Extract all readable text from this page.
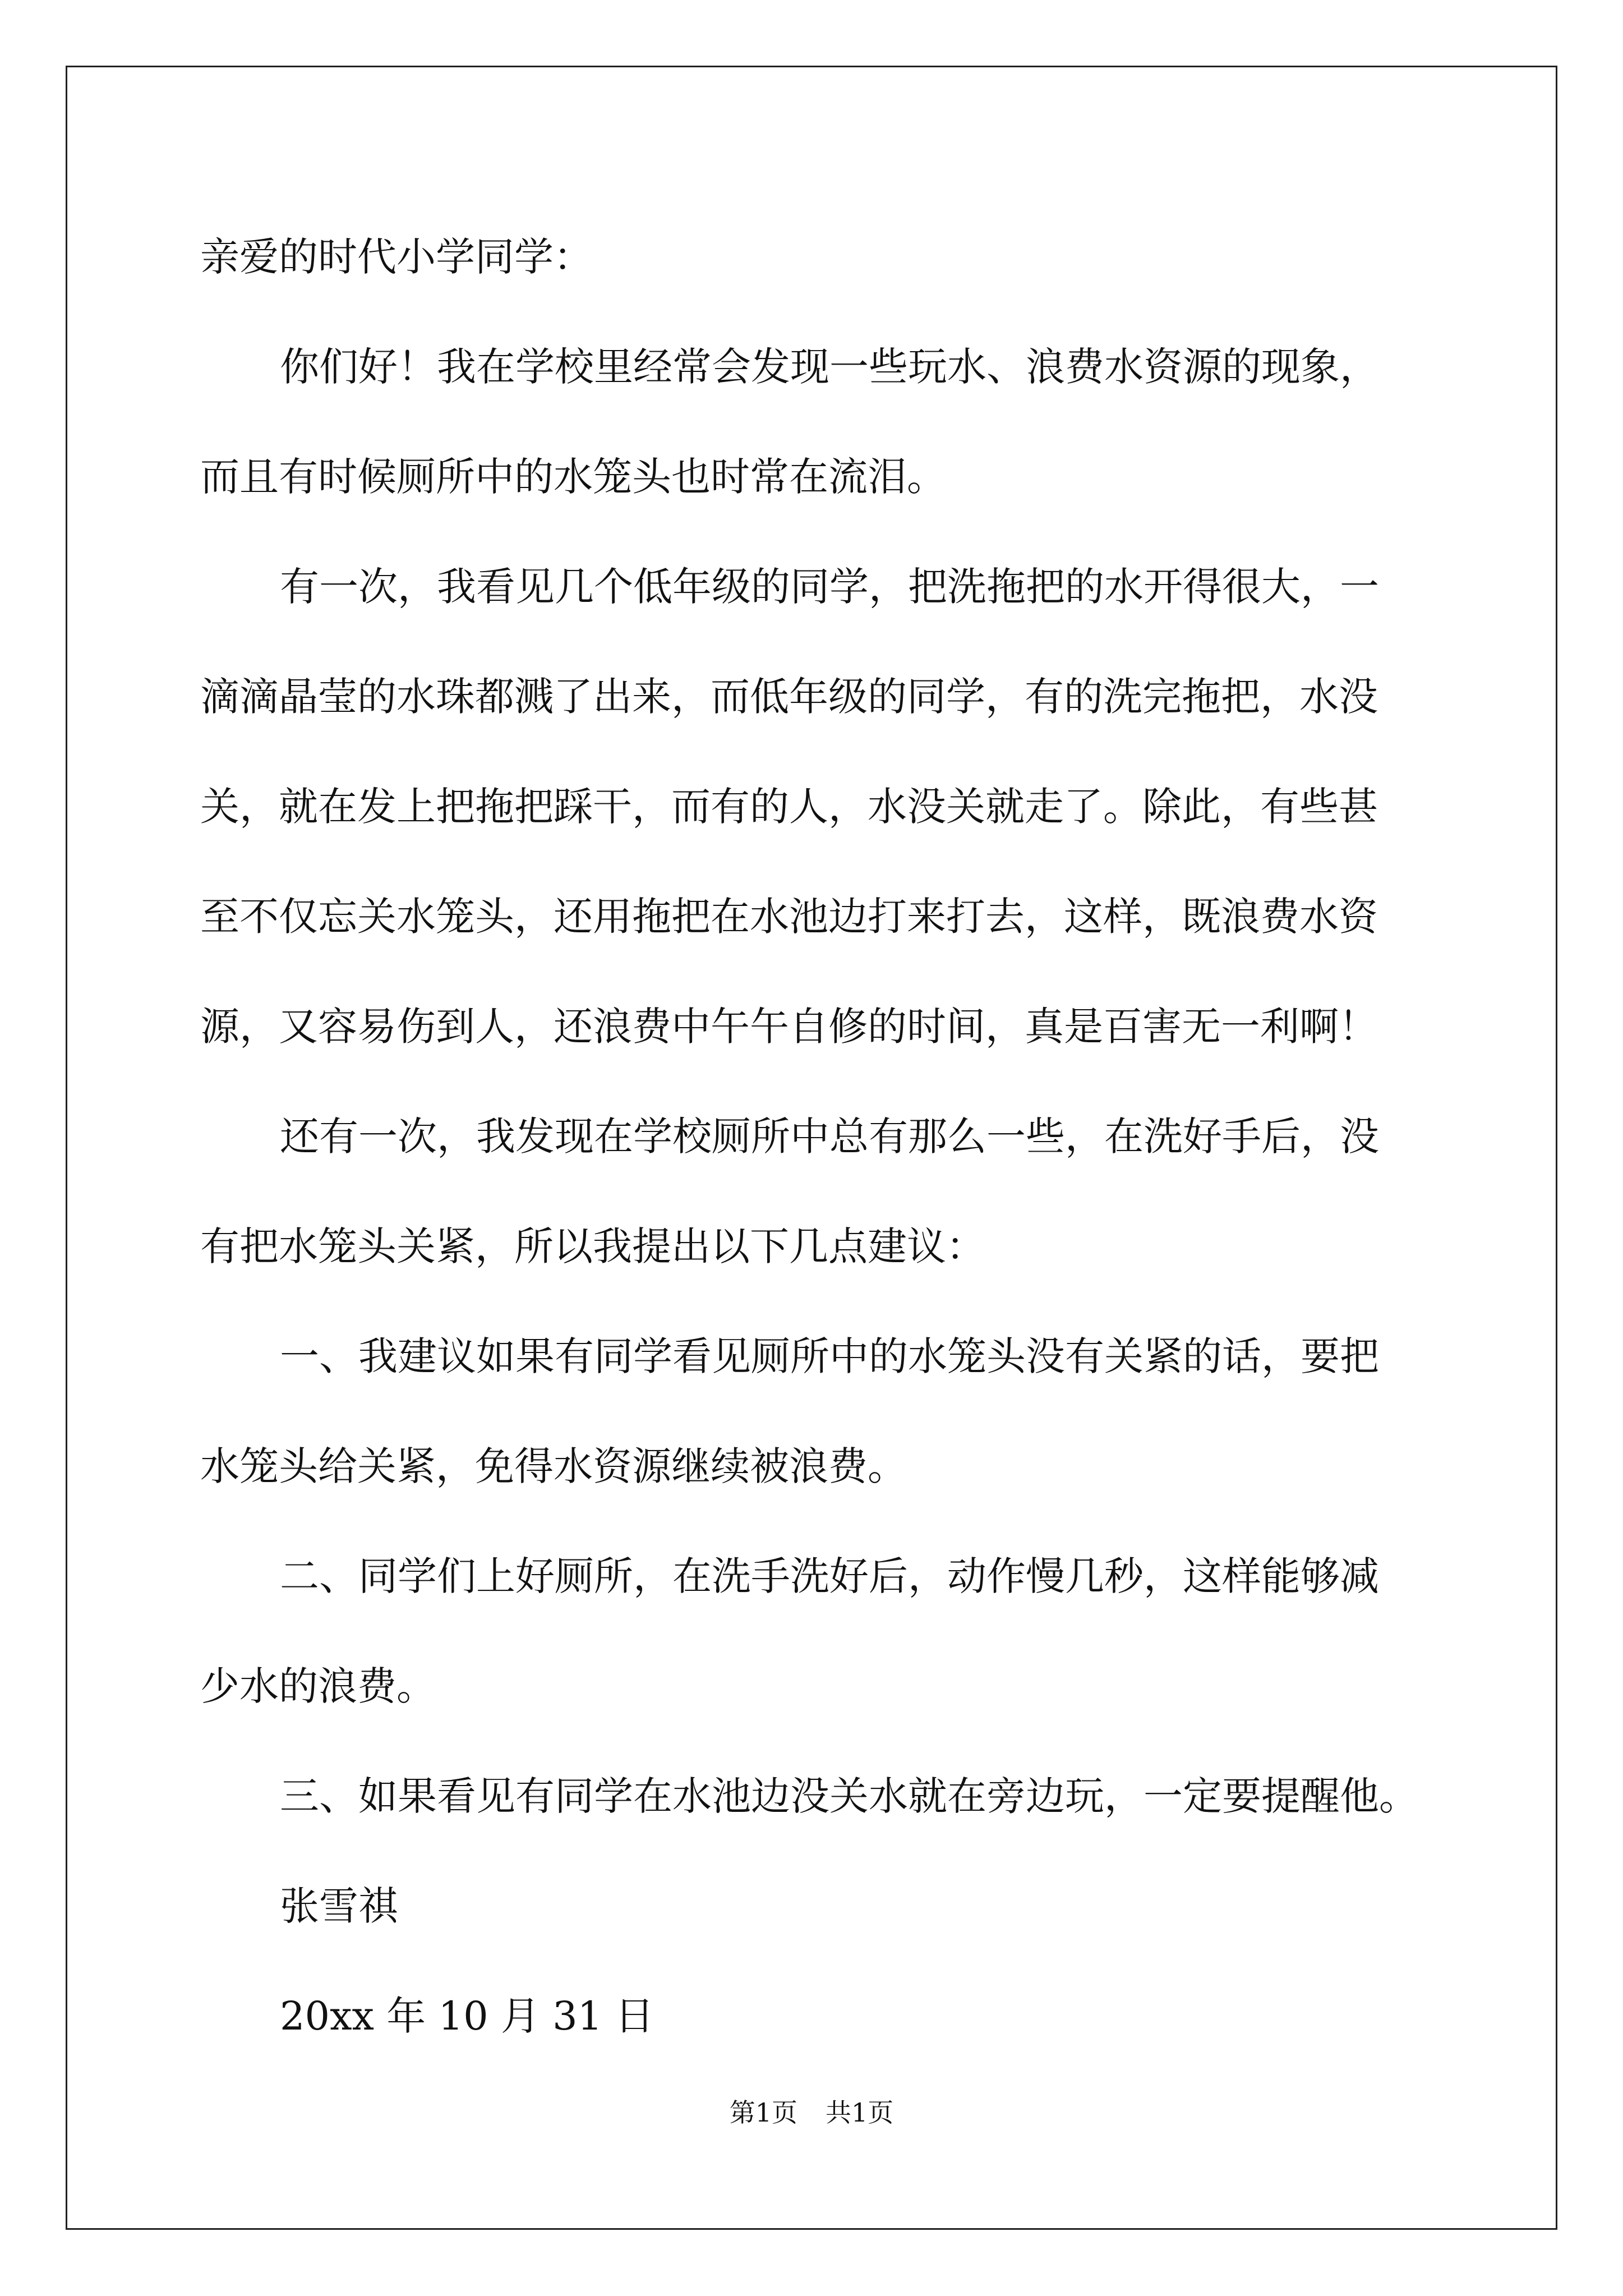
亲爱的时代小学同学：

你们好！我在学校里经常会发现一些玩水、浪费水资源的现象，

而且有时候厕所中的水笼头也时常在流泪。

有一次，我看见几个低年级的同学，把洗拖把的水开得很大，一

滴滴晶莹的水珠都溅了出来，而低年级的同学，有的洗完拖把，水没

关，就在发上把拖把踩干，而有的人，水没关就走了。除此，有些甚

至不仅忘关水笼头，还用拖把在水池边打来打去，这样，既浪费水资

源，又容易伤到人，还浪费中午午自修的时间，真是百害无一利啊！

还有一次，我发现在学校厕所中总有那么一些，在洗好手后，没

有把水笼头关紧，所以我提出以下几点建议：

一、我建议如果有同学看见厕所中的水笼头没有关紧的话，要把

水笼头给关紧，免得水资源继续被浪费。

二、同学们上好厕所，在洗手洗好后，动作慢几秒，这样能够减

少水的浪费。

三、如果看见有同学在水池边没关水就在旁边玩，一定要提醒他。

张雪祺

20xx 年 10 月 31 日

第1页 共1页
